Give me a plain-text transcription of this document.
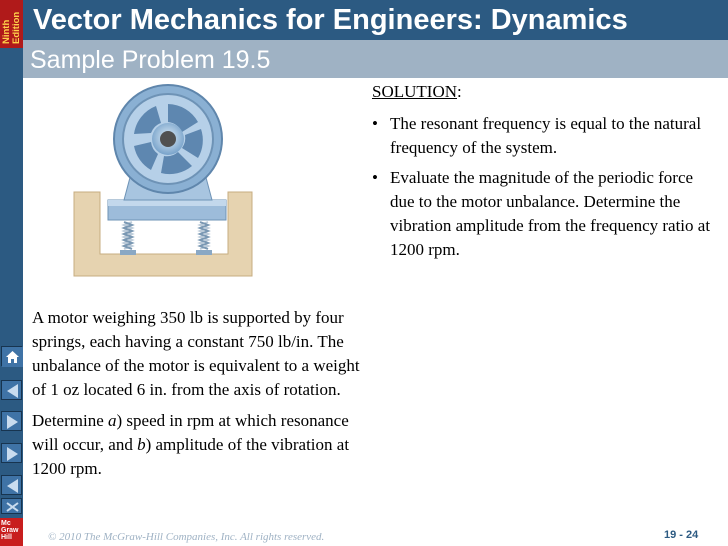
Ninth Edition Vector Mechanics for Engineers: Dynamics
Sample Problem 19.5
Mc
Graw
Hill

A motor weighing 350 lb is supported by four springs, each having a constant 750 lb/in. The unbalance of the motor is equivalent to a weight of 1 oz located 6 in. from the axis of rotation.

Determine a) speed in rpm at which resonance will occur, and b) amplitude of the vibration at 1200 rpm.

SOLUTION:
• The resonant frequency is equal to the natural frequency of the system.
• Evaluate the magnitude of the periodic force due to the motor unbalance. Determine the vibration amplitude from the frequency ratio at 1200 rpm.
© 2010 The McGraw-Hill Companies, Inc. All rights reserved.	19 - 24
